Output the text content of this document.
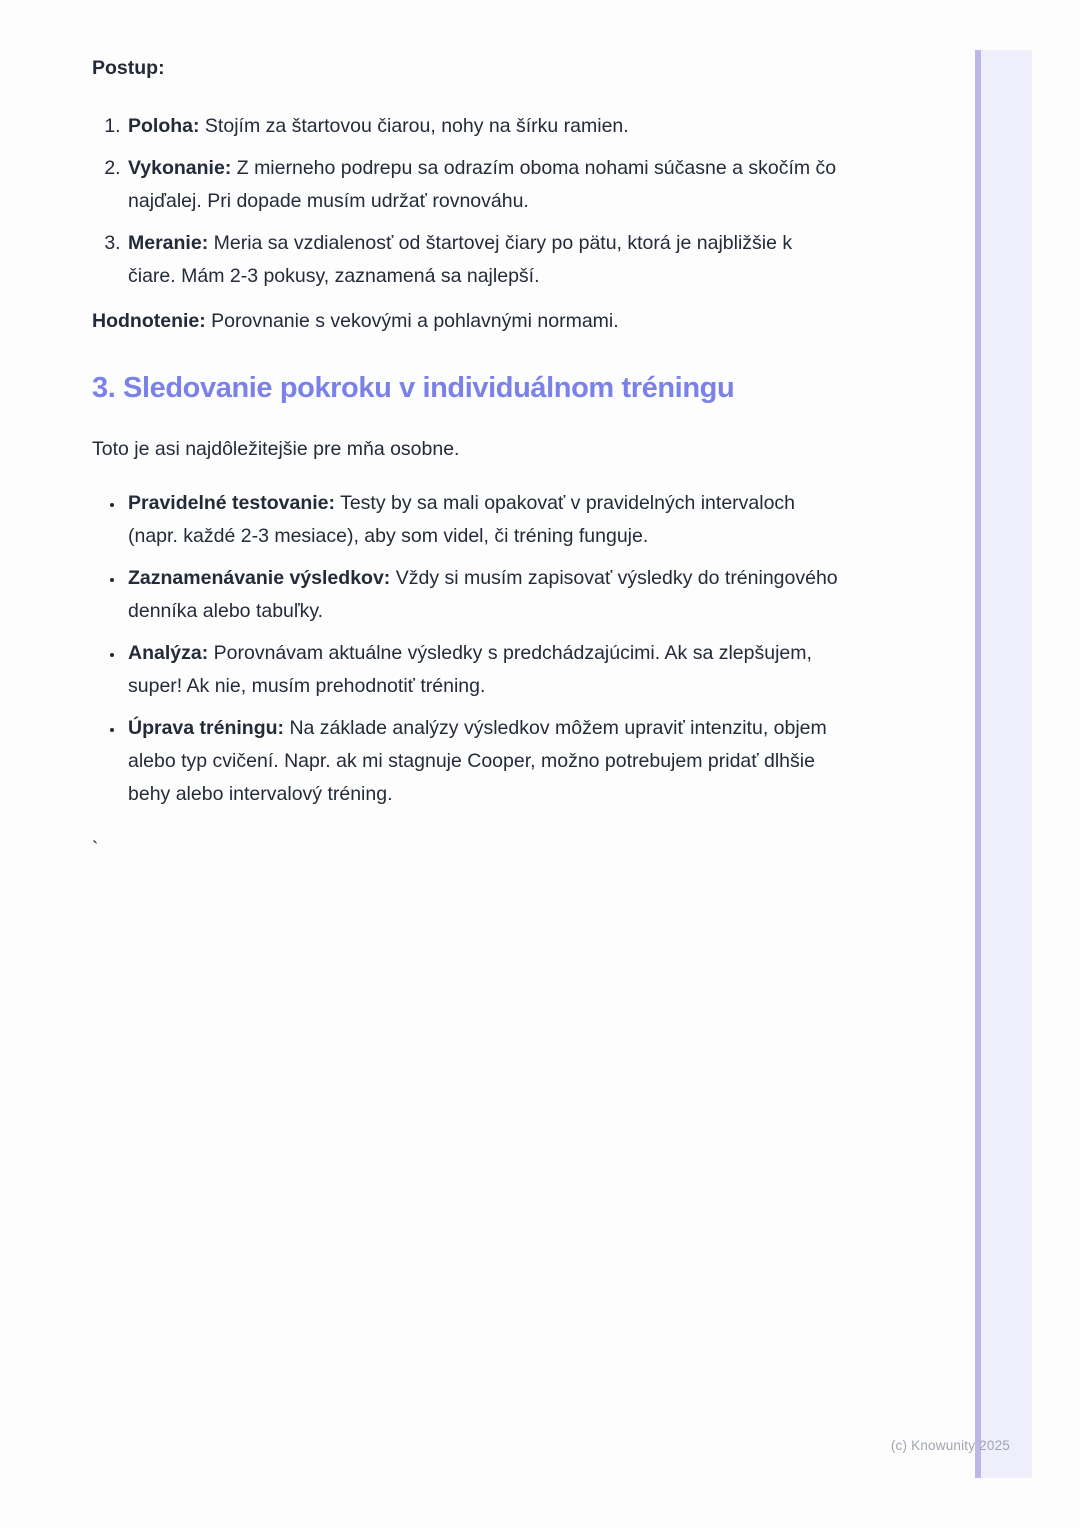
Postup:

1. Poloha: Stojím za štartovou čiarou, nohy na šírku ramien.
2. Vykonanie: Z mierneho podrepu sa odrazím oboma nohami súčasne a skočím čo najďalej. Pri dopade musím udržať rovnováhu.
3. Meranie: Meria sa vzdialenosť od štartovej čiary po pätu, ktorá je najbližšie k čiare. Mám 2-3 pokusy, zaznamená sa najlepší.

Hodnotenie: Porovnanie s vekovými a pohlavnými normami.

3. Sledovanie pokroku v individuálnom tréningu

Toto je asi najdôležitejšie pre mňa osobne.

• Pravidelné testovanie: Testy by sa mali opakovať v pravidelných intervaloch (napr. každé 2-3 mesiace), aby som videl, či tréning funguje.
• Zaznamenávanie výsledkov: Vždy si musím zapisovať výsledky do tréningového denníka alebo tabuľky.
• Analýza: Porovnávam aktuálne výsledky s predchádzajúcimi. Ak sa zlepšujem, super! Ak nie, musím prehodnotiť tréning.
• Úprava tréningu: Na základe analýzy výsledkov môžem upraviť intenzitu, objem alebo typ cvičení. Napr. ak mi stagnuje Cooper, možno potrebujem pridať dlhšie behy alebo intervalový tréning.

`

(c) Knowunity 2025
